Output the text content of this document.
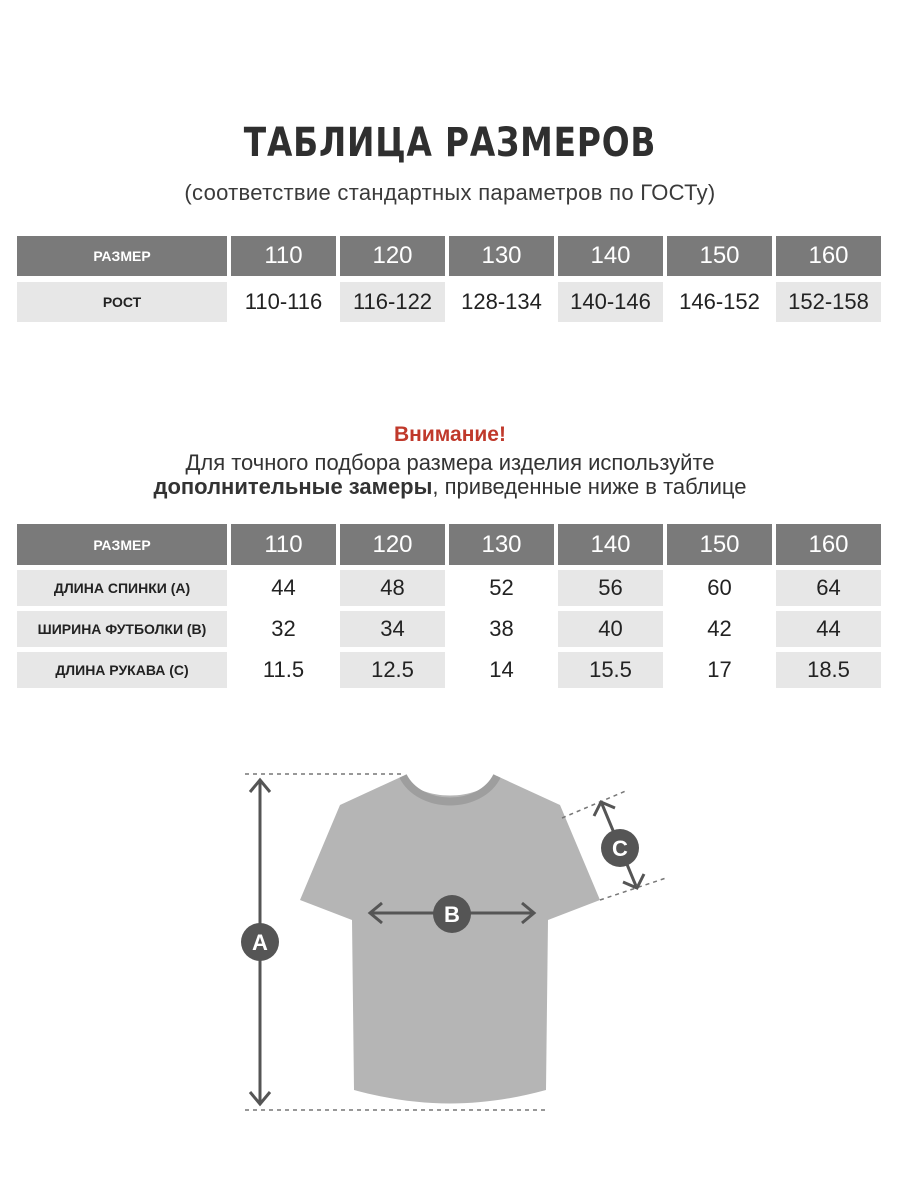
ТАБЛИЦА РАЗМЕРОВ
(соответствие стандартных параметров по ГОСТу)
РАЗМЕР	110	120	130	140	150	160
РОСТ	110-116	116-122	128-134	140-146	146-152	152-158
Внимание!
Для точного подбора размера изделия используйте
дополнительные замеры, приведенные ниже в таблице
РАЗМЕР	110	120	130	140	150	160
ДЛИНА СПИНКИ (А)	44	48	52	56	60	64
ШИРИНА ФУТБОЛКИ (В)	32	34	38	40	42	44
ДЛИНА РУКАВА (С)	11.5	12.5	14	15.5	17	18.5
A
B
C
